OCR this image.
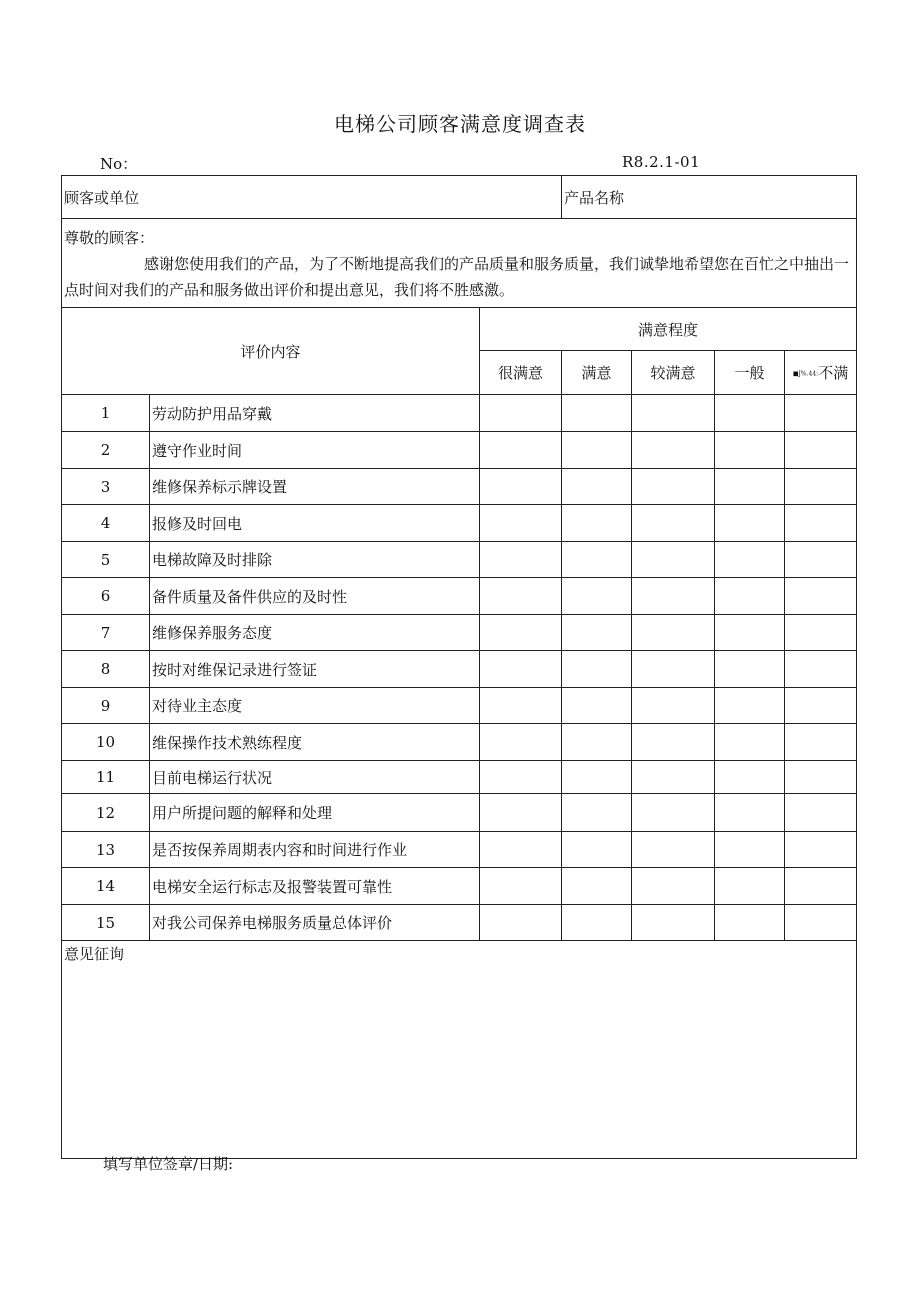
电梯公司顾客满意度调查表
No：	R8.2.1-01
顾客或单位			产品名称			

尊敬的顾客：
感谢您使用我们的产品，为了不断地提高我们的产品质量和服务质量，我们诚挚地希望您在百忙之中抽出一点时间对我们的产品和服务做出评价和提出意见，我们将不胜感激。						

评价内容		满意程度				
		很满意	满意	较满意	一般	■J%.44:不满
1	劳动防护用品穿戴					
2	遵守作业时间					
3	维修保养标示牌设置					
4	报修及时回电					
5	电梯故障及时排除					
6	备件质量及备件供应的及时性					
7	维修保养服务态度					
8	按时对维保记录进行签证					
9	对待业主态度					
10	维保操作技术熟练程度					
11	目前电梯运行状况					
12	用户所提问题的解释和处理					
13	是否按保养周期表内容和时间进行作业					
14	电梯安全运行标志及报警装置可靠性					
15	对我公司保养电梯服务质量总体评价					
意见征询						
填写单位签章/日期:
